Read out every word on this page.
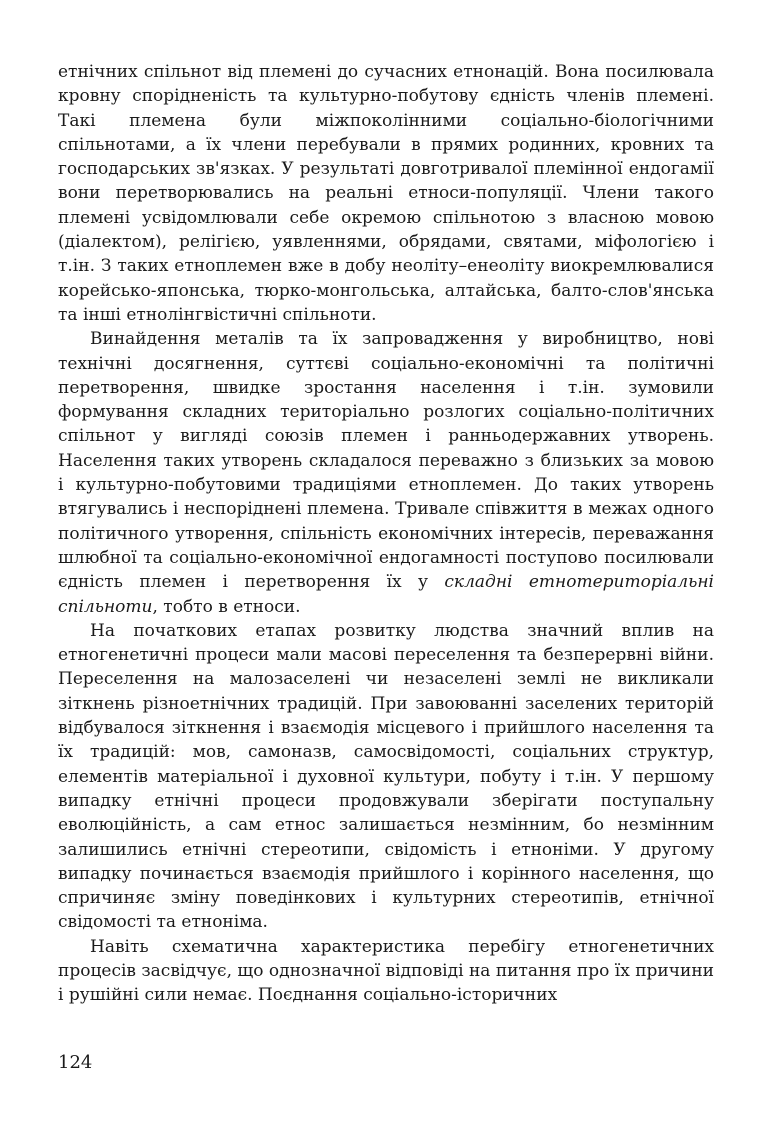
етнічних спільнот від племені до сучасних етнонацій. Вона посилювала кровну спорідненість та культурно-побутову єдність членів племені. Такі племена були міжпоколінними соціально-біологічними спільнотами, а їх члени перебували в прямих родинних, кровних та господарських зв'язках. У результаті довготривалої племінної ендогамії вони перетворювались на реальні етноси-популяції. Члени такого племені усвідомлювали себе окремою спільнотою з власною мовою (діалектом), релігією, уявленнями, обрядами, святами, міфологією і т.ін. З таких етноплемен вже в добу неоліту–енеоліту виокремлювалися корейсько-японська, тюрко-монгольська, алтайська, балто-слов'янська та інші етнолінгвістичні спільноти.

Винайдення металів та їх запровадження у виробництво, нові технічні досягнення, суттєві соціально-економічні та політичні перетворення, швидке зростання населення і т.ін. зумовили формування складних територіально розлогих соціально-політичних спільнот у вигляді союзів племен і ранньодержавних утворень. Населення таких утворень складалося переважно з близьких за мовою і культурно-побутовими традиціями етноплемен. До таких утворень втягувались і неспоріднені племена. Тривале співжиття в межах одного політичного утворення, спільність економічних інтересів, переважання шлюбної та соціально-економічної ендогамності поступово посилювали єдність племен і перетворення їх у складні етнотериторіальні спільноти, тобто в етноси.

На початкових етапах розвитку людства значний вплив на етногенетичні процеси мали масові переселення та безперервні війни. Переселення на малозаселені чи незаселені землі не викликали зіткнень різноетнічних традицій. При завоюванні заселених територій відбувалося зіткнення і взаємодія місцевого і прийшлого населення та їх традицій: мов, самоназв, самосвідомості, соціальних структур, елементів матеріальної і духовної культури, побуту і т.ін. У першому випадку етнічні процеси продовжували зберігати поступальну еволюційність, а сам етнос залишається незмінним, бо незмінним залишились етнічні стереотипи, свідомість і етноніми. У другому випадку починається взаємодія прийшлого і корінного населення, що спричиняє зміну поведінкових і культурних стереотипів, етнічної свідомості та етноніма.

Навіть схематична характеристика перебігу етногенетичних процесів засвідчує, що однозначної відповіді на питання про їх причини і рушійні сили немає. Поєднання соціально-історичних

124
